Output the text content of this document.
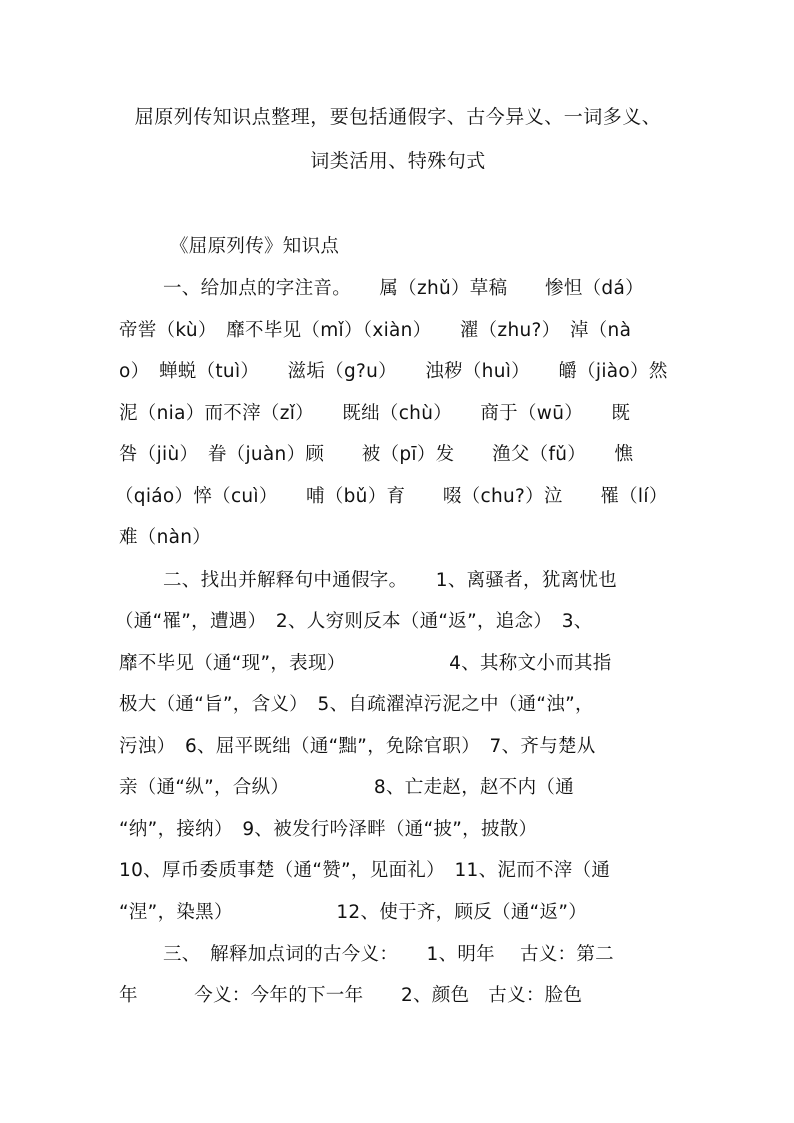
屈原列传知识点整理，要包括通假字、古今异义、一词多义、
词类活用、特殊句式
《屈原列传》知识点
一、给加点的字注音。　　属（zhǔ）草稿　　惨怛（dá）
帝喾（kù）　靡不毕见（mǐ）（xiàn）　　濯（zhu?）　淖（nà
o）　蝉蜕（tuì）　　滋垢（g?u）　　浊秽（huì）　　皭（jiào）然
泥（nia）而不滓（zǐ）　　既绌（chù）　　商于（wū）　　既
咎（jiù）　眷（juàn）顾　　被（pī）发　　渔父（fǔ）　　憔
（qiáo）悴（cuì）　　哺（bǔ）育　　啜（chu?）泣　　罹（lí）
难（nàn）
二、找出并解释句中通假字。　　1、离骚者，犹离忧也
（通“罹”，遭遇）　2、人穷则反本（通“返”，追念）　3、
靡不毕见（通“现”，表现）　　　　　　4、其称文小而其指
极大（通“旨”，含义）　5、自疏濯淖污泥之中（通“浊”，
污浊）　6、屈平既绌（通“黜”，免除官职）　7、齐与楚从
亲（通“纵”，合纵）　　　　　8、亡走赵，赵不内（通
“纳”，接纳）　9、被发行吟泽畔（通“披”，披散）
10、厚币委质事楚（通“赞”，见面礼）　11、泥而不滓（通
“涅”，染黑）　　　　　　12、使于齐，顾反（通“返”）
三、　解释加点词的古今义：　　1、明年　 古义：第二
年　　　今义：今年的下一年　　2、颜色　古义：脸色
